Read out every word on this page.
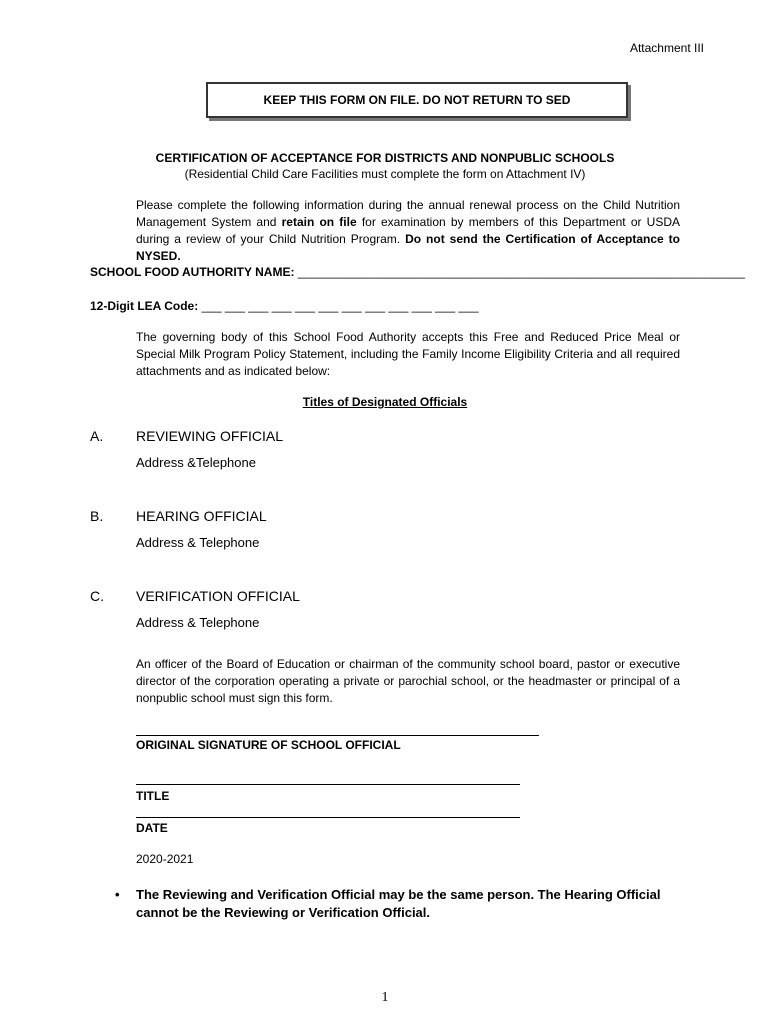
Attachment III
KEEP THIS FORM ON FILE. DO NOT RETURN TO SED
CERTIFICATION OF ACCEPTANCE FOR DISTRICTS AND NONPUBLIC SCHOOLS
(Residential Child Care Facilities must complete the form on Attachment IV)
Please complete the following information during the annual renewal process on the Child Nutrition Management System and retain on file for examination by members of this Department or USDA during a review of your Child Nutrition Program. Do not send the Certification of Acceptance to NYSED.
SCHOOL FOOD AUTHORITY NAME: ___________________________________________________________________
12-Digit LEA Code: ___ ___ ___ ___ ___ ___ ___ ___ ___ ___ ___ ___
The governing body of this School Food Authority accepts this Free and Reduced Price Meal or Special Milk Program Policy Statement, including the Family Income Eligibility Criteria and all required attachments and as indicated below:
Titles of Designated Officials
A. REVIEWING OFFICIAL
Address &Telephone
B. HEARING OFFICIAL
Address & Telephone
C. VERIFICATION OFFICIAL
Address & Telephone
An officer of the Board of Education or chairman of the community school board, pastor or executive director of the corporation operating a private or parochial school, or the headmaster or principal of a nonpublic school must sign this form.
ORIGINAL SIGNATURE OF SCHOOL OFFICIAL
TITLE
DATE
2020-2021
•	The Reviewing and Verification Official may be the same person. The Hearing Official cannot be the Reviewing or Verification Official.
1
